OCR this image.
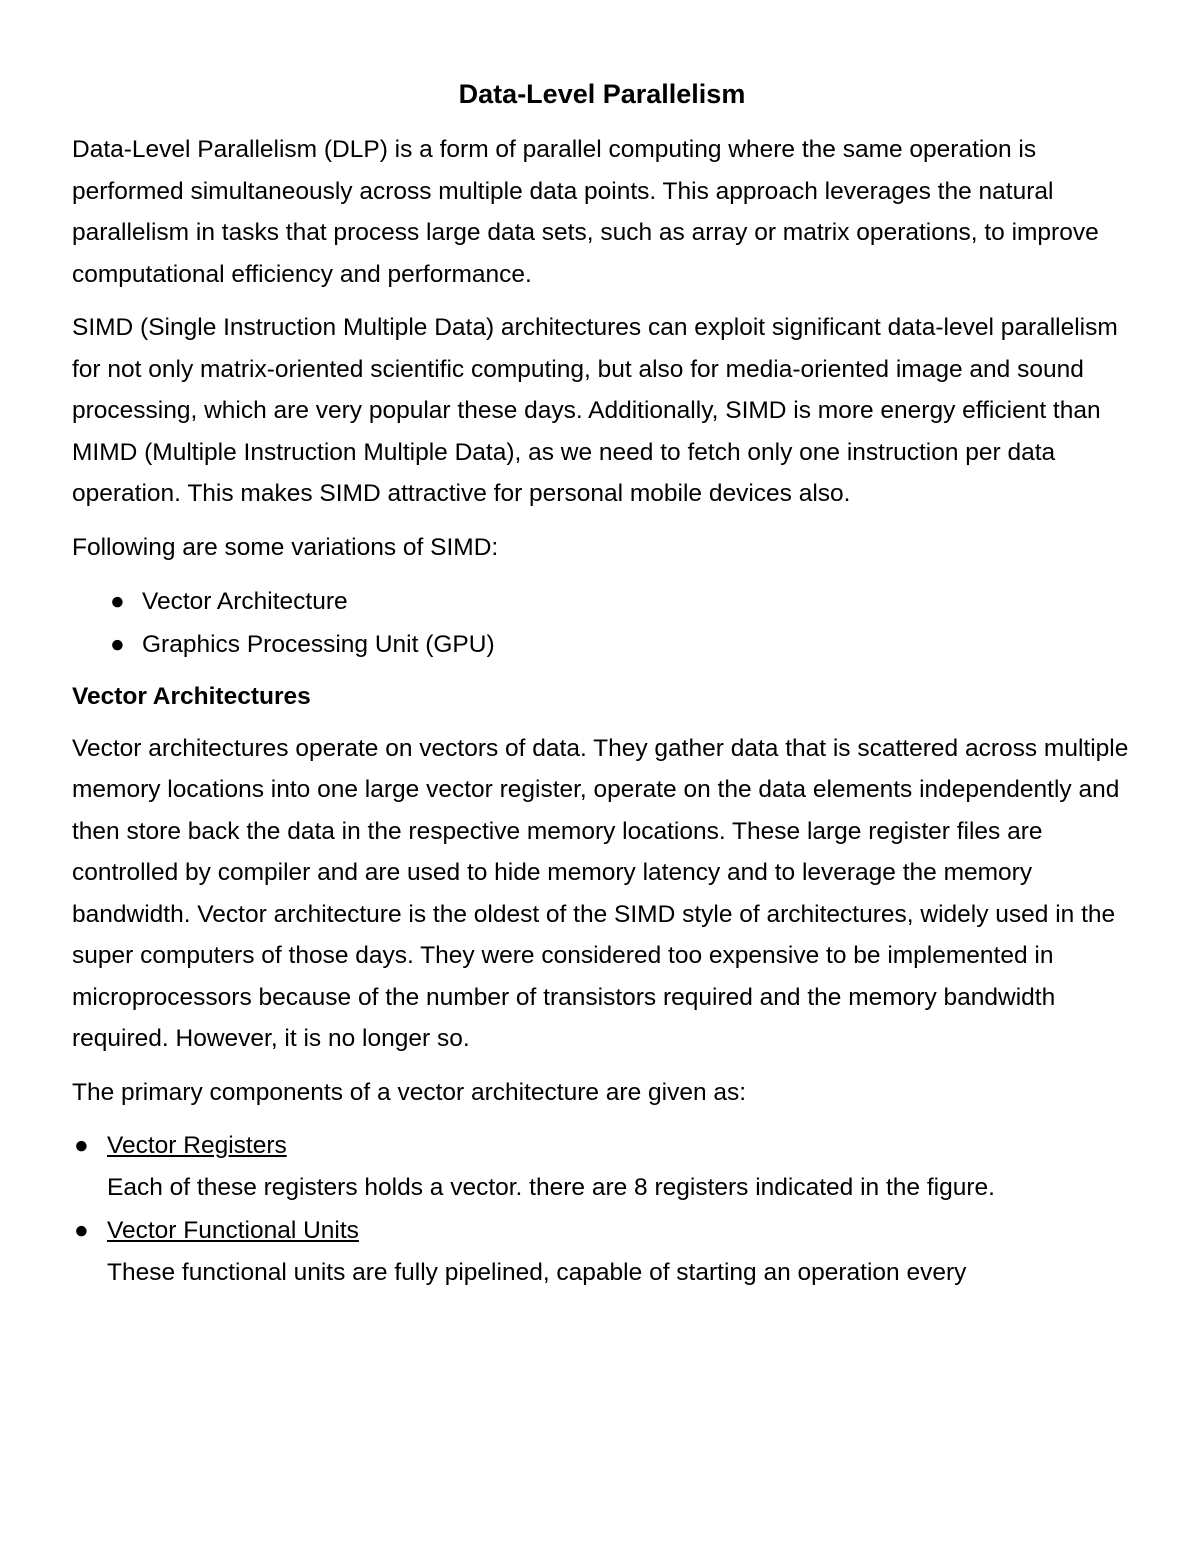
Data-Level Parallelism

Data-Level Parallelism (DLP) is a form of parallel computing where the same operation is performed simultaneously across multiple data points. This approach leverages the natural parallelism in tasks that process large data sets, such as array or matrix operations, to improve computational efficiency and performance.

SIMD (Single Instruction Multiple Data) architectures can exploit significant data-level parallelism for not only matrix-oriented scientific computing, but also for media-oriented image and sound processing, which are very popular these days. Additionally, SIMD is more energy efficient than MIMD (Multiple Instruction Multiple Data), as we need to fetch only one instruction per data operation. This makes SIMD attractive for personal mobile devices also.

Following are some variations of SIMD:

● Vector Architecture
● Graphics Processing Unit (GPU)
Vector Architectures

Vector architectures operate on vectors of data. They gather data that is scattered across multiple memory locations into one large vector register, operate on the data elements independently and then store back the data in the respective memory locations. These large register files are controlled by compiler and are used to hide memory latency and to leverage the memory bandwidth. Vector architecture is the oldest of the SIMD style of architectures, widely used in the super computers of those days. They were considered too expensive to be implemented in microprocessors because of the number of transistors required and the memory bandwidth required. However, it is no longer so.

The primary components of a vector architecture are given as:

● Vector Registers
Each of these registers holds a vector. there are 8 registers indicated in the figure.
● Vector Functional Units
These functional units are fully pipelined, capable of starting an operation every
